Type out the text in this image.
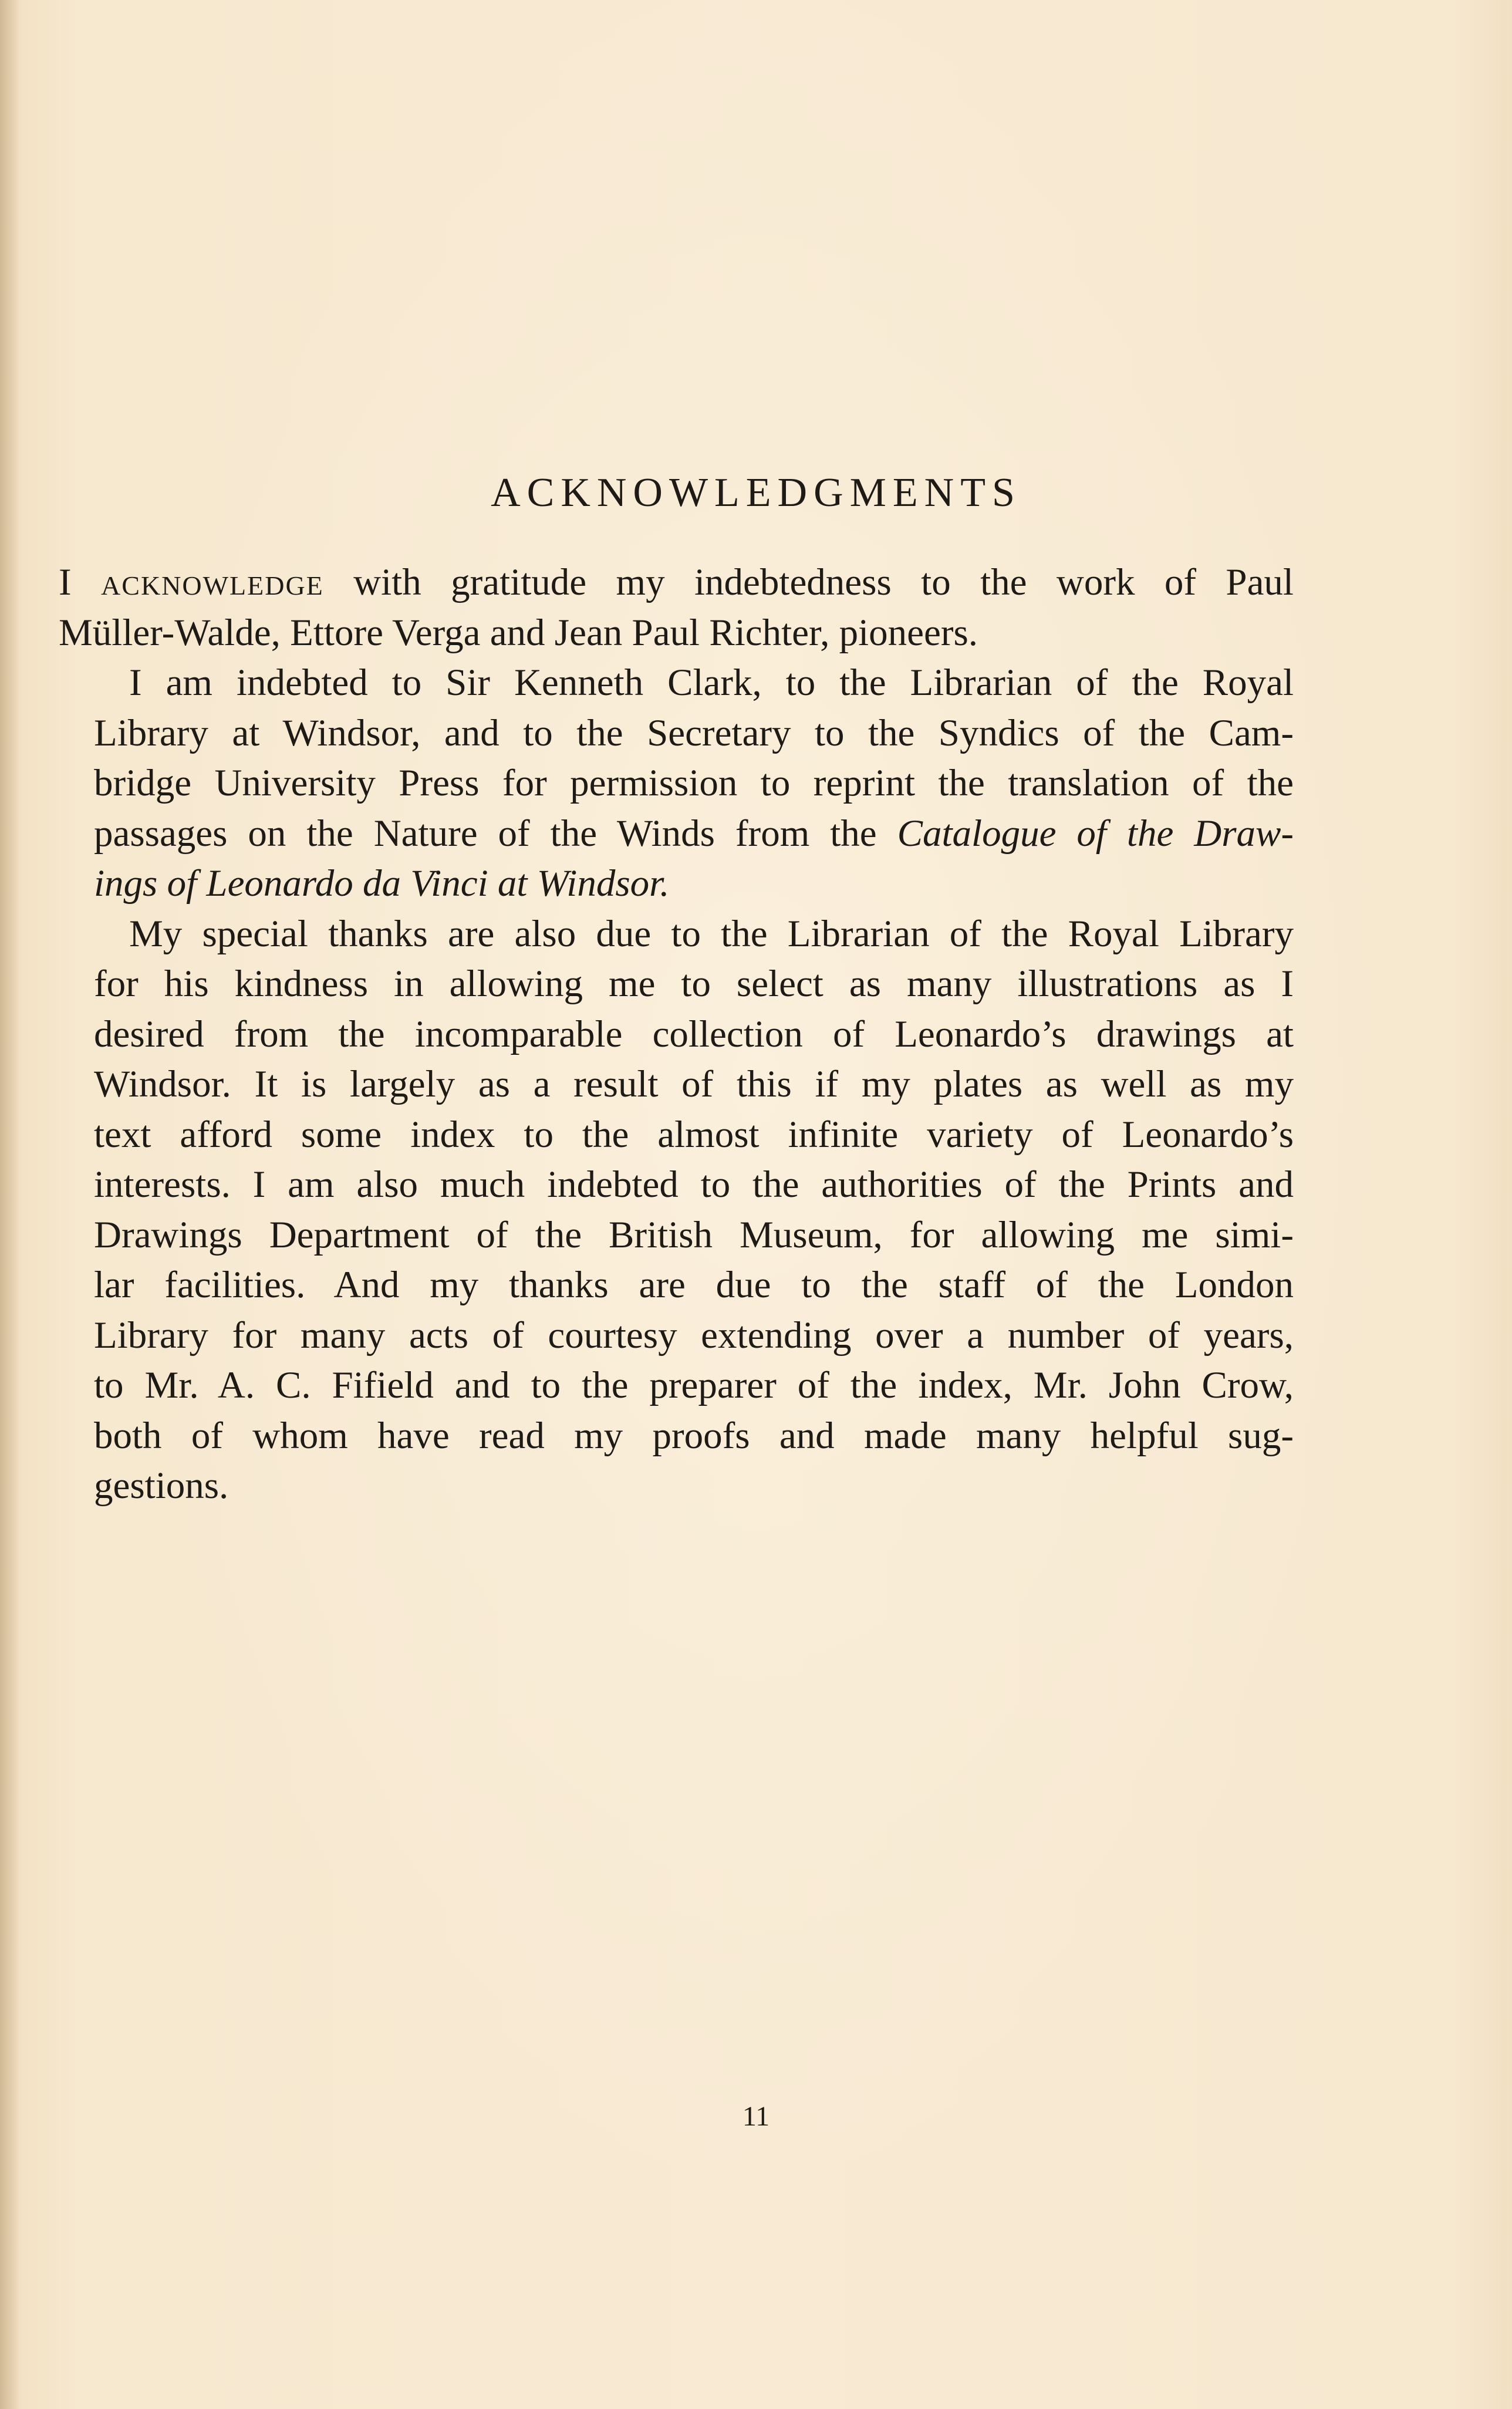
ACKNOWLEDGMENTS

I acknowledge with gratitude my indebtedness to the work of Paul
Müller-Walde, Ettore Verga and Jean Paul Richter, pioneers.

I am indebted to Sir Kenneth Clark, to the Librarian of the Royal
Library at Windsor, and to the Secretary to the Syndics of the Cam-
bridge University Press for permission to reprint the translation of the
passages on the Nature of the Winds from the Catalogue of the Draw-
ings of Leonardo da Vinci at Windsor.

My special thanks are also due to the Librarian of the Royal Library
for his kindness in allowing me to select as many illustrations as I
desired from the incomparable collection of Leonardo’s drawings at
Windsor. It is largely as a result of this if my plates as well as my
text afford some index to the almost infinite variety of Leonardo’s
interests. I am also much indebted to the authorities of the Prints and
Drawings Department of the British Museum, for allowing me simi-
lar facilities. And my thanks are due to the staff of the London
Library for many acts of courtesy extending over a number of years,
to Mr. A. C. Fifield and to the preparer of the index, Mr. John Crow,
both of whom have read my proofs and made many helpful sug-
gestions.

11
